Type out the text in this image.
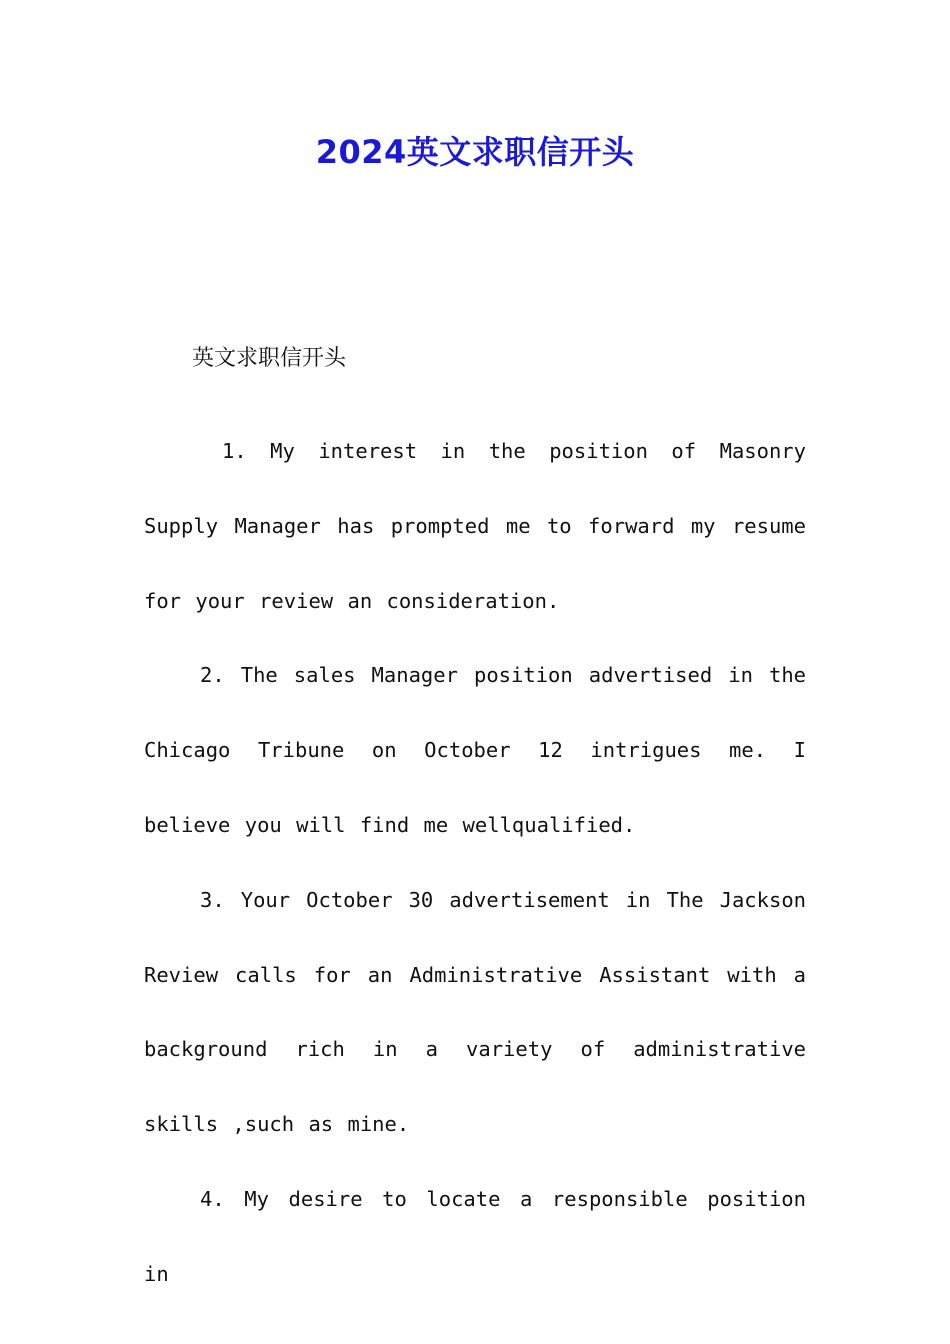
2024英文求职信开头
英文求职信开头

1. My interest in the position of Masonry Supply Manager has prompted me to forward my resume for your review an consideration.

2. The sales Manager position advertised in the Chicago Tribune on October 12 intrigues me. I believe you will find me wellqualified.

3. Your October 30 advertisement in The Jackson Review calls for an Administrative Assistant with a background rich in a variety of administrative skills ,such as mine.

4. My desire to locate a responsible position in
